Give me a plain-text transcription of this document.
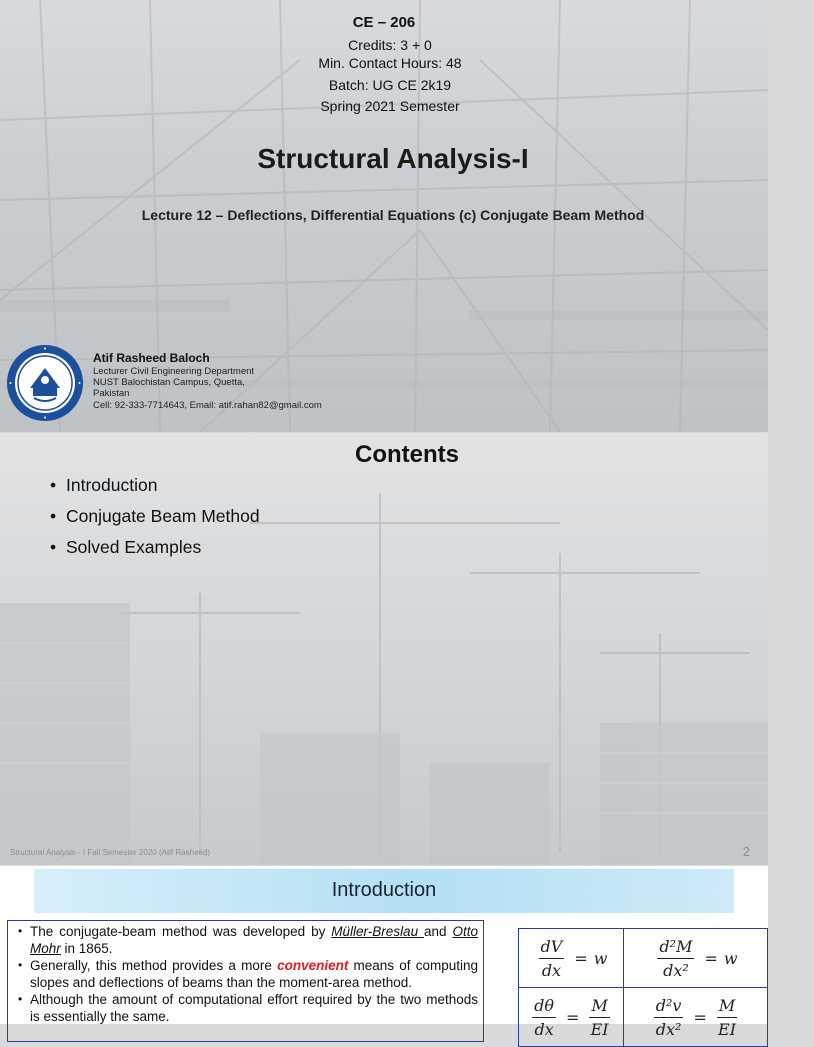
CE – 206
Credits: 3 + 0
Min. Contact Hours: 48
Batch: UG CE 2k19
Spring 2021 Semester
Structural Analysis-I
Lecture 12 – Deflections, Differential Equations (c) Conjugate Beam Method
Atif Rasheed Baloch
Lecturer Civil Engineering Department
NUST Balochistan Campus, Quetta,
Pakistan
Cell: 92-333-7714643, Email: atif.rahan82@gmail.com
Contents
• Introduction
• Conjugate Beam Method
• Solved Examples
Structural Analysis - I Fall Semester 2020 (Atif Rasheed)	2
Introduction
• The conjugate-beam method was developed by Müller-Breslau and Otto Mohr in 1865.
• Generally, this method provides a more convenient means of computing slopes and deflections of beams than the moment-area method.
• Although the amount of computational effort required by the two methods is essentially the same.
$\frac{dV}{dx} = w$	$\frac{\text{d²M}}{\text{dx²}} = w$

$\frac{d\theta}{dx} = \frac{M}{EI}$	$\frac{\text{d²v}}{\text{dx²}} = \frac{M}{EI}$
